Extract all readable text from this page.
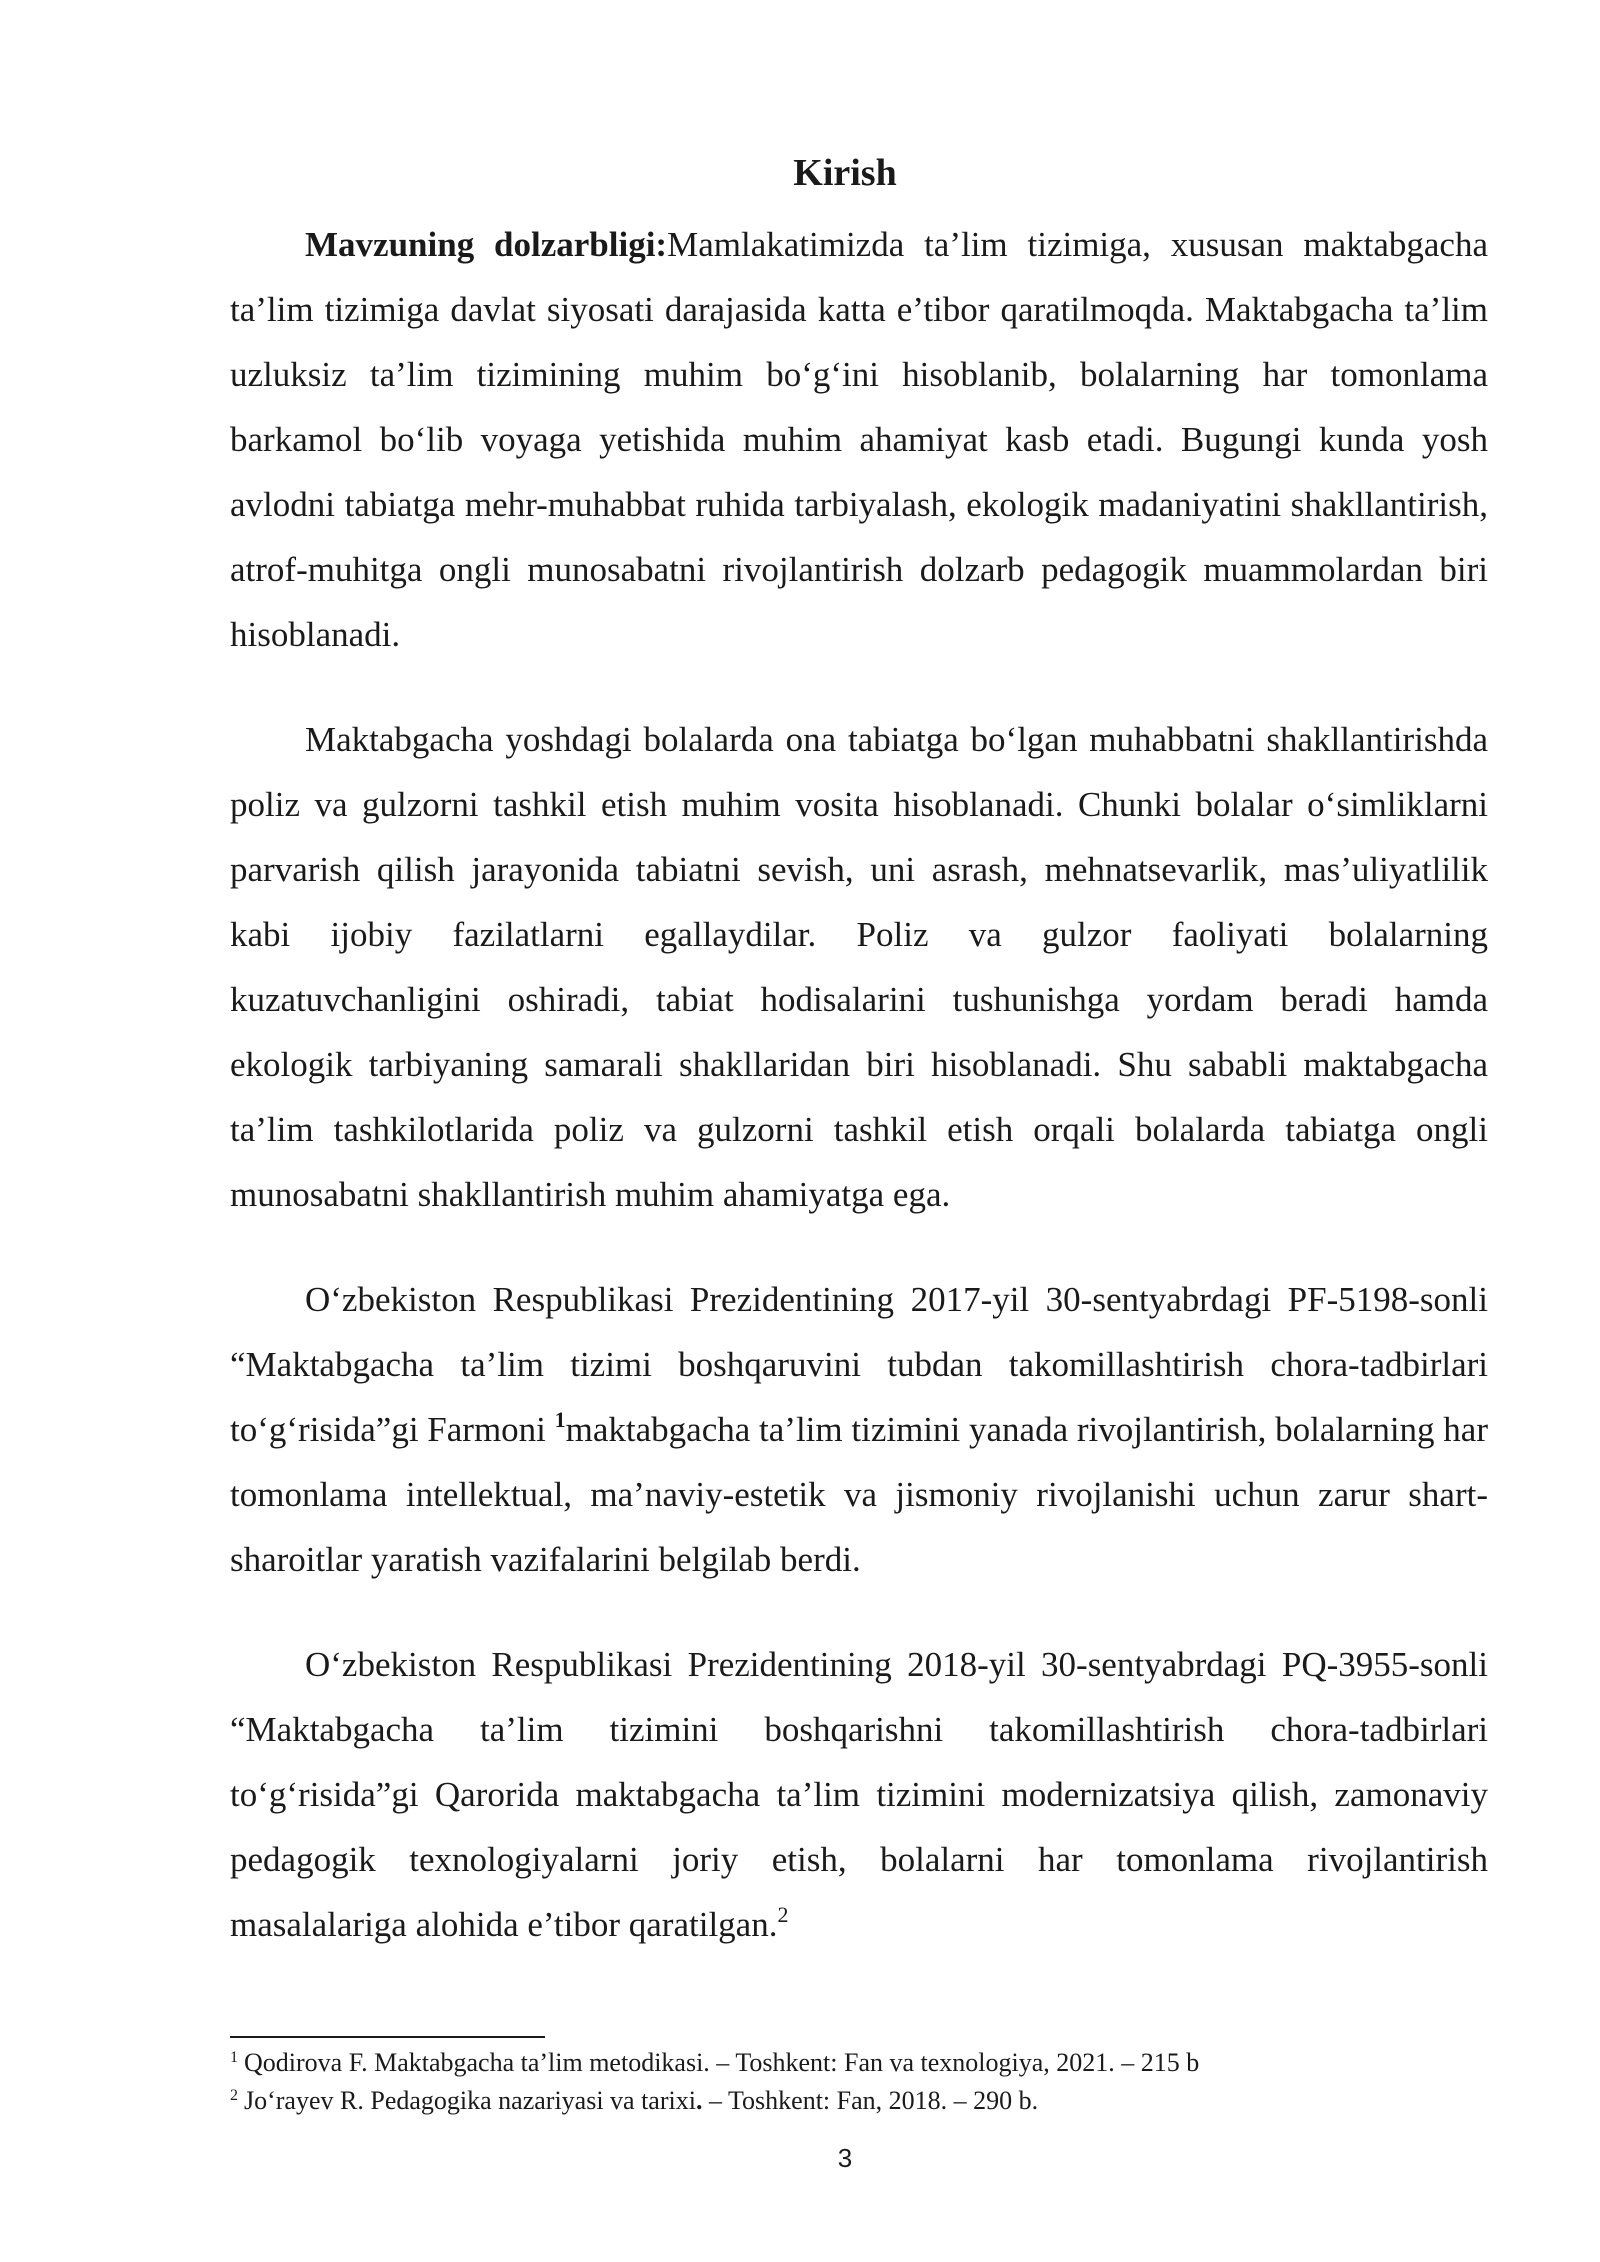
Kirish

Mavzuning dolzarbligi:Mamlakatimizda ta’lim tizimiga, xususan maktabgacha ta’lim tizimiga davlat siyosati darajasida katta e’tibor qaratilmoqda. Maktabgacha ta’lim uzluksiz ta’lim tizimining muhim bo‘g‘ini hisoblanib, bolalarning har tomonlama barkamol bo‘lib voyaga yetishida muhim ahamiyat kasb etadi. Bugungi kunda yosh avlodni tabiatga mehr-muhabbat ruhida tarbiyalash, ekologik madaniyatini shakllantirish, atrof-muhitga ongli munosabatni rivojlantirish dolzarb pedagogik muammolardan biri hisoblanadi.

Maktabgacha yoshdagi bolalarda ona tabiatga bo‘lgan muhabbatni shakllantirishda poliz va gulzorni tashkil etish muhim vosita hisoblanadi. Chunki bolalar o‘simliklarni parvarish qilish jarayonida tabiatni sevish, uni asrash, mehnatsevarlik, mas’uliyatlilik kabi ijobiy fazilatlarni egallaydilar. Poliz va gulzor faoliyati bolalarning kuzatuvchanligini oshiradi, tabiat hodisalarini tushunishga yordam beradi hamda ekologik tarbiyaning samarali shakllaridan biri hisoblanadi. Shu sababli maktabgacha ta’lim tashkilotlarida poliz va gulzorni tashkil etish orqali bolalarda tabiatga ongli munosabatni shakllantirish muhim ahamiyatga ega.

O‘zbekiston Respublikasi Prezidentining 2017-yil 30-sentyabrdagi PF-5198-sonli “Maktabgacha ta’lim tizimi boshqaruvini tubdan takomillashtirish chora-tadbirlari to‘g‘risida”gi Farmoni $^1$maktabgacha ta’lim tizimini yanada rivojlantirish, bolalarning har tomonlama intellektual, ma’naviy-estetik va jismoniy rivojlanishi uchun zarur shart-sharoitlar yaratish vazifalarini belgilab berdi.

O‘zbekiston Respublikasi Prezidentining 2018-yil 30-sentyabrdagi PQ-3955-sonli “Maktabgacha ta’lim tizimini boshqarishni takomillashtirish chora-tadbirlari to‘g‘risida”gi Qarorida maktabgacha ta’lim tizimini modernizatsiya qilish, zamonaviy pedagogik texnologiyalarni joriy etish, bolalarni har tomonlama rivojlantirish masalalariga alohida e’tibor qaratilgan.$^2$

$^1$ Qodirova F. Maktabgacha ta’lim metodikasi. – Toshkent: Fan va texnologiya, 2021. – 215 b

$^2$ Jo‘rayev R. Pedagogika nazariyasi va tarixi. – Toshkent: Fan, 2018. – 290 b.

3
